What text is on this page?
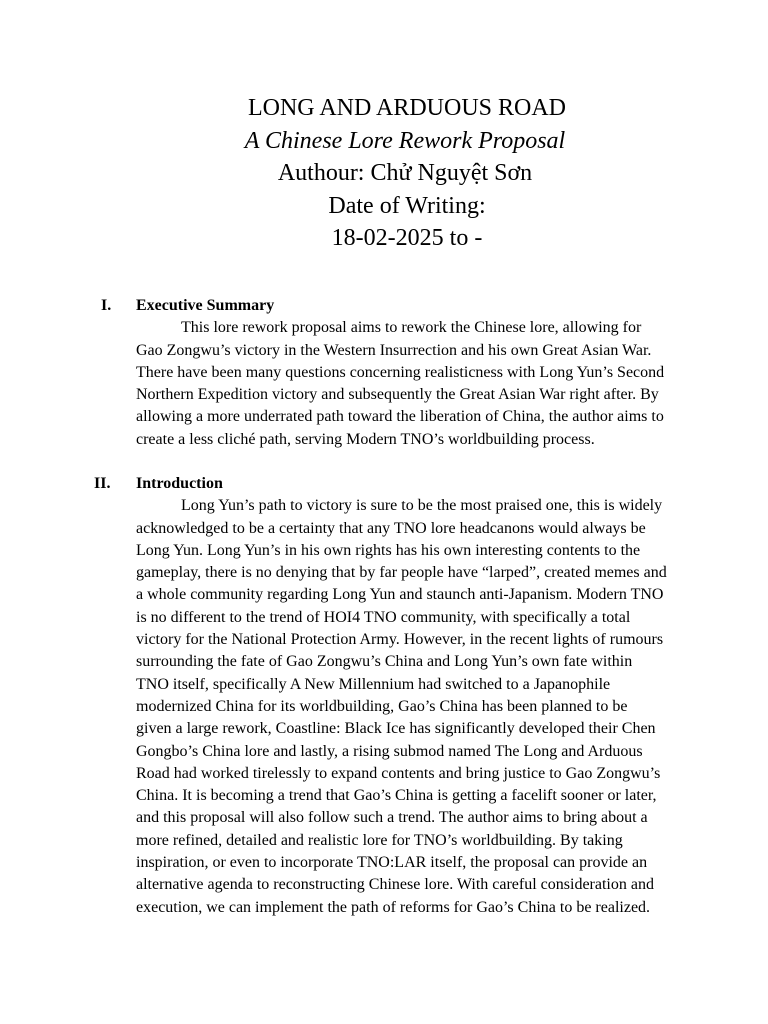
LONG AND ARDUOUS ROAD
A Chinese Lore Rework Proposal
Authour: Chử Nguyệt Sơn
Date of Writing:
18-02-2025 to -
I. Executive Summary
This lore rework proposal aims to rework the Chinese lore, allowing for
Gao Zongwu’s victory in the Western Insurrection and his own Great Asian War.
There have been many questions concerning realisticness with Long Yun’s Second
Northern Expedition victory and subsequently the Great Asian War right after. By
allowing a more underrated path toward the liberation of China, the author aims to
create a less cliché path, serving Modern TNO’s worldbuilding process.
II. Introduction
Long Yun’s path to victory is sure to be the most praised one, this is widely
acknowledged to be a certainty that any TNO lore headcanons would always be
Long Yun. Long Yun’s in his own rights has his own interesting contents to the
gameplay, there is no denying that by far people have “larped”, created memes and
a whole community regarding Long Yun and staunch anti-Japanism. Modern TNO
is no different to the trend of HOI4 TNO community, with specifically a total
victory for the National Protection Army. However, in the recent lights of rumours
surrounding the fate of Gao Zongwu’s China and Long Yun’s own fate within
TNO itself, specifically A New Millennium had switched to a Japanophile
modernized China for its worldbuilding, Gao’s China has been planned to be
given a large rework, Coastline: Black Ice has significantly developed their Chen
Gongbo’s China lore and lastly, a rising submod named The Long and Arduous
Road had worked tirelessly to expand contents and bring justice to Gao Zongwu’s
China. It is becoming a trend that Gao’s China is getting a facelift sooner or later,
and this proposal will also follow such a trend. The author aims to bring about a
more refined, detailed and realistic lore for TNO’s worldbuilding. By taking
inspiration, or even to incorporate TNO:LAR itself, the proposal can provide an
alternative agenda to reconstructing Chinese lore. With careful consideration and
execution, we can implement the path of reforms for Gao’s China to be realized.
